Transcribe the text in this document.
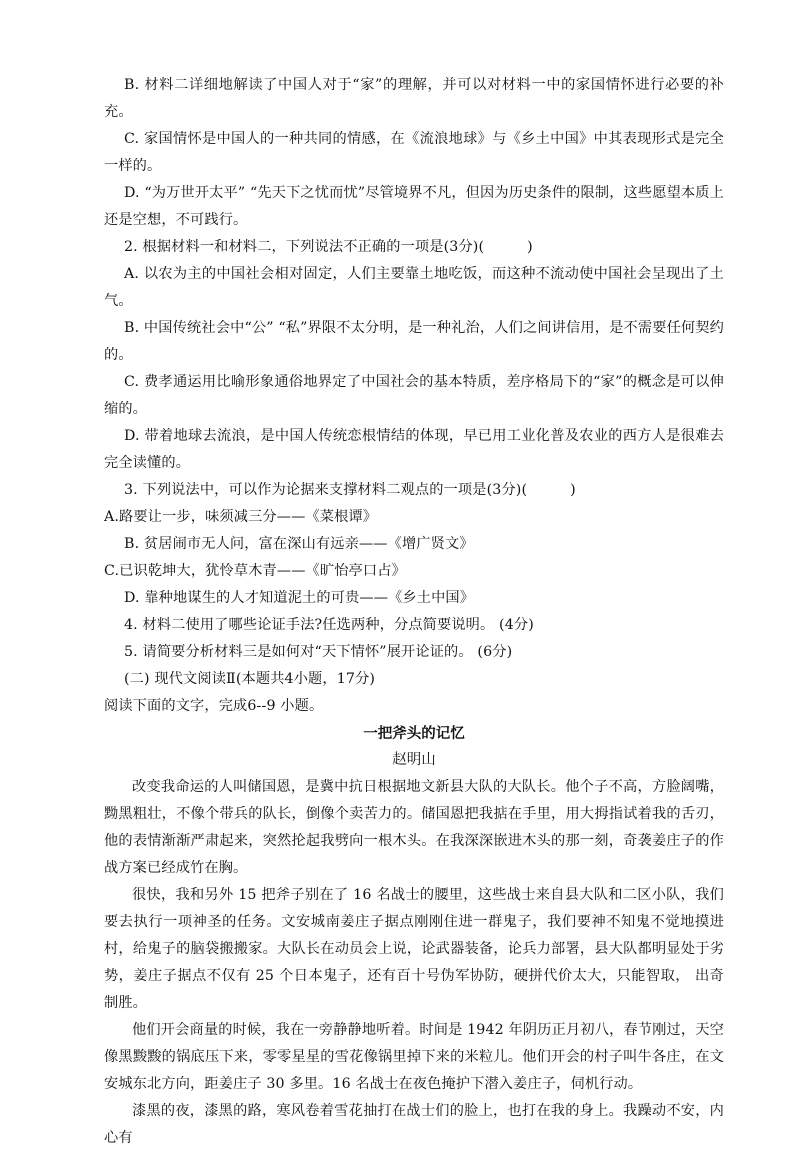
B. 材料二详细地解读了中国人对于“家”的理解，并可以对材料一中的家国情怀进行必要的补充。

C. 家国情怀是中国人的一种共同的情感，在《流浪地球》与《乡土中国》中其表现形式是完全一样的。

D. “为万世开太平” “先天下之忧而忧”尽管境界不凡，但因为历史条件的限制，这些愿望本质上还是空想，不可践行。

2. 根据材料一和材料二，下列说法不正确的一项是(3分)(　　　)

A. 以农为主的中国社会相对固定，人们主要靠土地吃饭，而这种不流动使中国社会呈现出了土气。

B. 中国传统社会中“公” “私”界限不太分明，是一种礼治，人们之间讲信用，是不需要任何契约的。

C. 费孝通运用比喻形象通俗地界定了中国社会的基本特质，差序格局下的“家”的概念是可以伸缩的。

D. 带着地球去流浪，是中国人传统恋根情结的体现，早已用工业化普及农业的西方人是很难去完全读懂的。

3. 下列说法中，可以作为论据来支撑材料二观点的一项是(3分)(　　　)

A.路要让一步，味须减三分——《菜根谭》

B. 贫居闹市无人问，富在深山有远亲——《增广贤文》

C.已识乾坤大，犹怜草木青——《旷怡亭口占》

D. 靠种地谋生的人才知道泥土的可贵——《乡土中国》

4. 材料二使用了哪些论证手法?任选两种，分点简要说明。 (4分)

5. 请简要分析材料三是如何对“天下情怀”展开论证的。 (6分)

(二) 现代文阅读Ⅱ(本题共4小题，17分)

阅读下面的文字，完成6--9 小题。

一把斧头的记忆

赵明山

改变我命运的人叫储国恩，是冀中抗日根据地文新县大队的大队长。他个子不高，方脸阔嘴，黝黑粗壮，不像个带兵的队长，倒像个卖苦力的。储国恩把我掂在手里，用大拇指试着我的舌刃，他的表情渐渐严肃起来，突然抡起我劈向一根木头。在我深深嵌进木头的那一刻，奇袭姜庄子的作战方案已经成竹在胸。

很快，我和另外 15 把斧子别在了 16 名战士的腰里，这些战士来自县大队和二区小队，我们要去执行一项神圣的任务。文安城南姜庄子据点刚刚住进一群鬼子，我们要神不知鬼不觉地摸进村，给鬼子的脑袋搬搬家。大队长在动员会上说，论武器装备，论兵力部署，县大队都明显处于劣势，姜庄子据点不仅有 25 个日本鬼子，还有百十号伪军协防，硬拼代价太大，只能智取， 出奇制胜。

他们开会商量的时候，我在一旁静静地听着。时间是 1942 年阴历正月初八，春节刚过，天空像黑黢黢的锅底压下来，零零星星的雪花像锅里掉下来的米粒儿。他们开会的村子叫牛各庄，在文安城东北方向，距姜庄子 30 多里。16 名战士在夜色掩护下潜入姜庄子，伺机行动。

漆黑的夜，漆黑的路，寒风卷着雪花抽打在战士们的脸上，也打在我的身上。我躁动不安，内心有
